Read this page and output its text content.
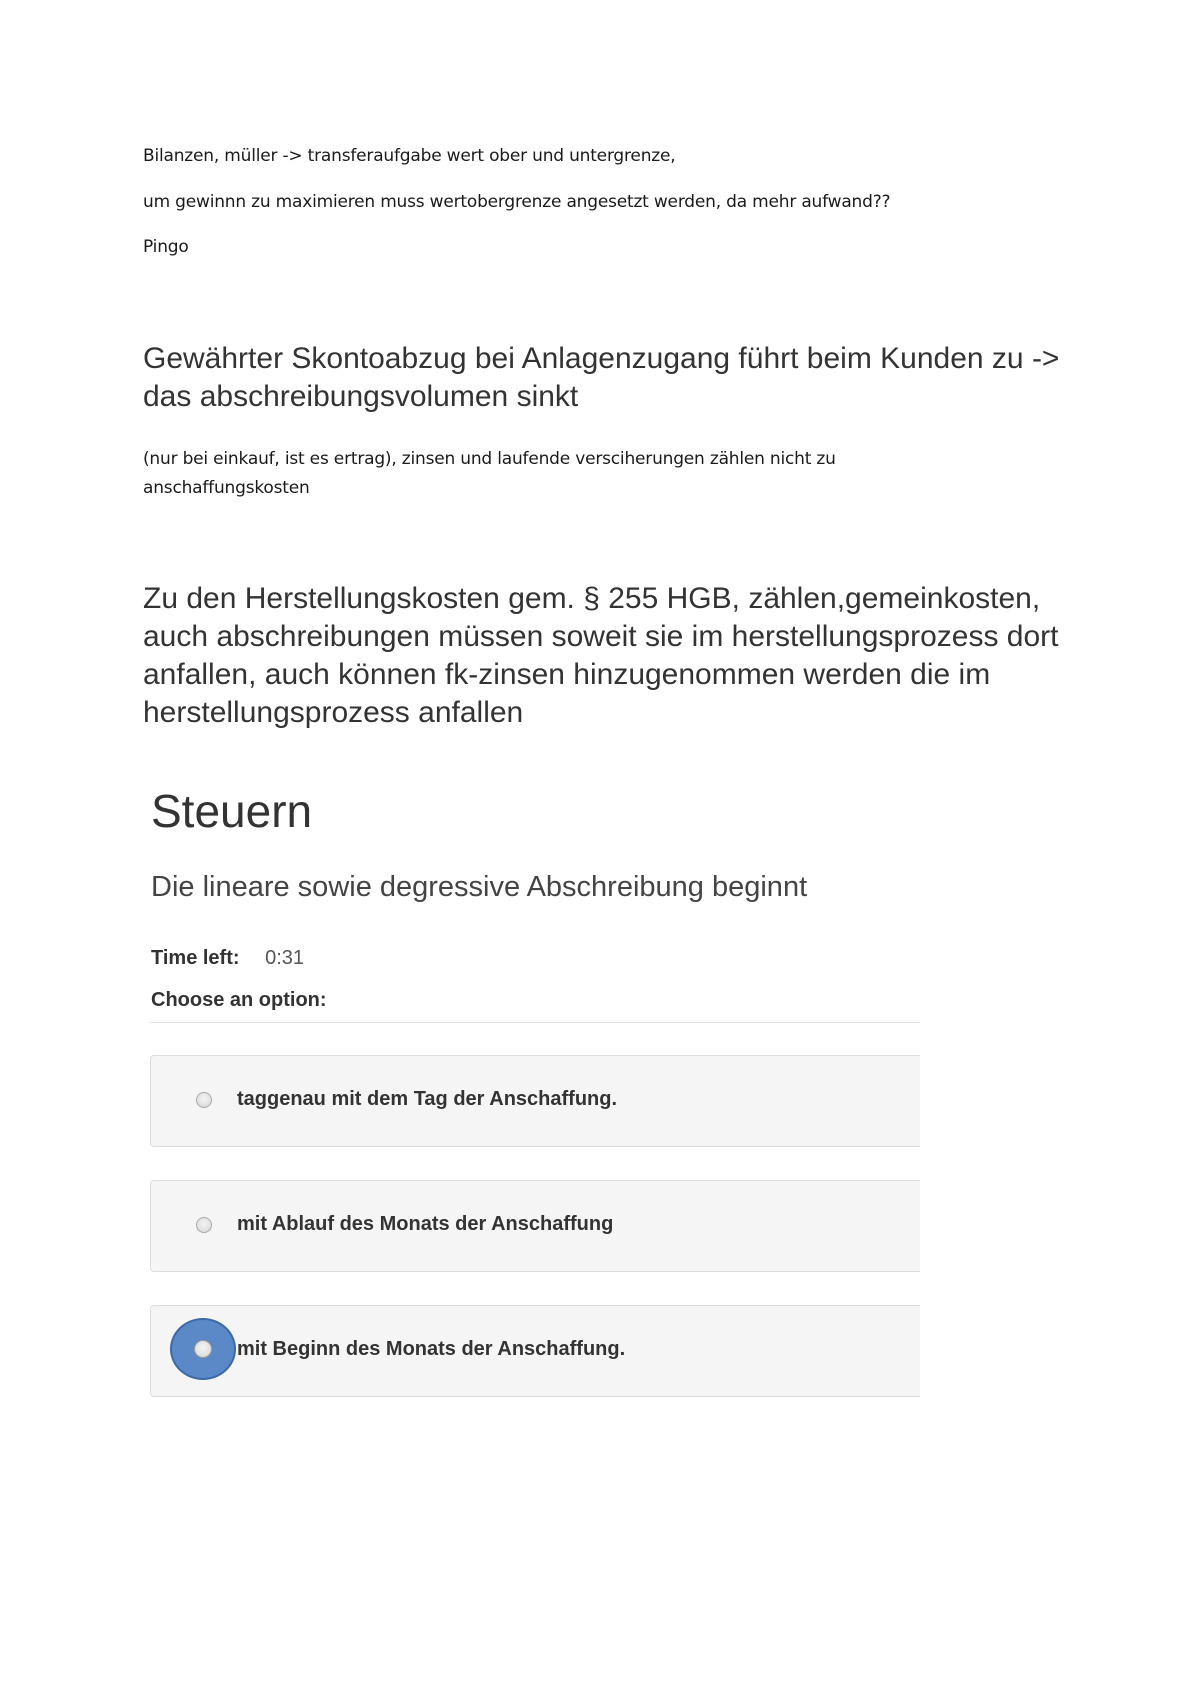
Bilanzen, müller -> transferaufgabe wert ober und untergrenze,
um gewinnn zu maximieren muss wertobergrenze angesetzt werden, da mehr aufwand??
Pingo
Gewährter Skontoabzug bei Anlagenzugang führt beim Kunden zu -> das abschreibungsvolumen sinkt
(nur bei einkauf, ist es ertrag), zinsen und laufende versciherungen zählen nicht zu anschaffungskosten
Zu den Herstellungskosten gem. § 255 HGB, zählen,gemeinkosten, auch abschreibungen müssen soweit sie im herstellungsprozess dort anfallen, auch können fk-zinsen hinzugenommen werden die im herstellungsprozess anfallen
Steuern
Die lineare sowie degressive Abschreibung beginnt
Time left: 0:31
Choose an option:
taggenau mit dem Tag der Anschaffung.
mit Ablauf des Monats der Anschaffung
mit Beginn des Monats der Anschaffung.
